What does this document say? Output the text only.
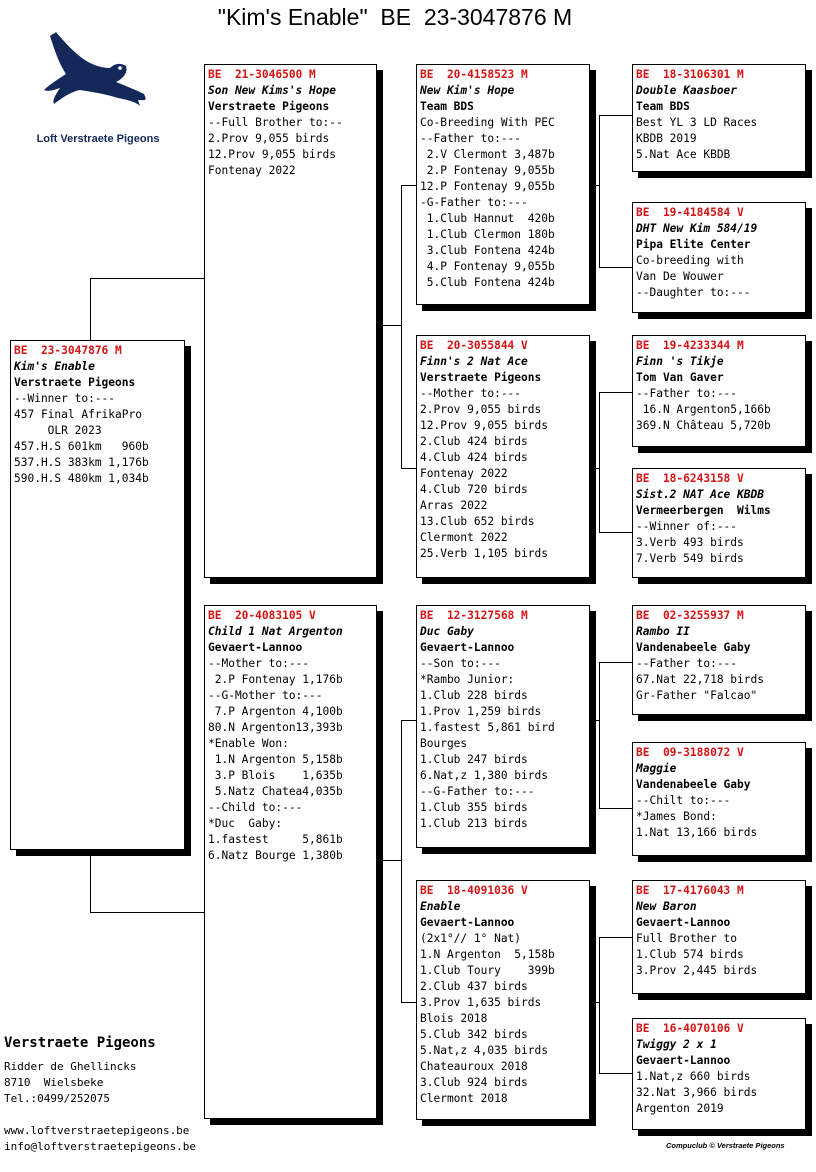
"Kim's Enable"  BE  23-3047876 M
Loft Verstraete Pigeons
BE  23-3047876 M
Kim's Enable
Verstraete Pigeons
--Winner to:---
457 Final AfrikaPro
OLR 2023
457.H.S 601km   960b
537.H.S 383km 1,176b
590.H.S 480km 1,034b
BE  21-3046500 M
Son New Kims's Hope
Verstraete Pigeons
--Full Brother to:--
2.Prov 9,055 birds
12.Prov 9,055 birds
Fontenay 2022
BE  20-4083105 V
Child 1 Nat Argenton
Gevaert-Lannoo
--Mother to:---
2.P Fontenay 1,176b
--G-Mother to:---
7.P Argenton 4,100b
80.N Argenton13,393b
*Enable Won:
1.N Argenton 5,158b
3.P Blois    1,635b
5.Natz Chatea4,035b
--Child to:---
*Duc  Gaby:
1.fastest     5,861b
6.Natz Bourge 1,380b
BE  20-4158523 M
New Kim's Hope
Team BDS
Co-Breeding With PEC
--Father to:---
2.V Clermont 3,487b
2.P Fontenay 9,055b
12.P Fontenay 9,055b
-G-Father to:---
1.Club Hannut  420b
1.Club Clermon 180b
3.Club Fontena 424b
4.P Fontenay 9,055b
5.Club Fontena 424b
BE  20-3055844 V
Finn's 2 Nat Ace
Verstraete Pigeons
--Mother to:---
2.Prov 9,055 birds
12.Prov 9,055 birds
2.Club 424 birds
4.Club 424 birds
Fontenay 2022
4.Club 720 birds
Arras 2022
13.Club 652 birds
Clermont 2022
25.Verb 1,105 birds
BE  12-3127568 M
Duc Gaby
Gevaert-Lannoo
--Son to:---
*Rambo Junior:
1.Club 228 birds
1.Prov 1,259 birds
1.fastest 5,861 bird
Bourges
1.Club 247 birds
6.Nat,z 1,380 birds
--G-Father to:---
1.Club 355 birds
1.Club 213 birds
BE  18-4091036 V
Enable
Gevaert-Lannoo
(2x1°// 1° Nat)
1.N Argenton  5,158b
1.Club Toury    399b
2.Club 437 birds
3.Prov 1,635 birds
Blois 2018
5.Club 342 birds
5.Nat,z 4,035 birds
Chateauroux 2018
3.Club 924 birds
Clermont 2018
BE  18-3106301 M
Double Kaasboer
Team BDS
Best YL 3 LD Races
KBDB 2019
5.Nat Ace KBDB
BE  19-4184584 V
DHT New Kim 584/19
Pipa Elite Center
Co-breeding with
Van De Wouwer
--Daughter to:---
BE  19-4233344 M
Finn 's Tikje
Tom Van Gaver
--Father to:---
16.N Argenton5,166b
369.N Château 5,720b
BE  18-6243158 V
Sist.2 NAT Ace KBDB
Vermeerbergen  Wilms
--Winner of:---
3.Verb 493 birds
7.Verb 549 birds
BE  02-3255937 M
Rambo II
Vandenabeele Gaby
--Father to:---
67.Nat 22,718 birds
Gr-Father "Falcao"
BE  09-3188072 V
Maggie
Vandenabeele Gaby
--Chilt to:---
*James Bond:
1.Nat 13,166 birds
BE  17-4176043 M
New Baron
Gevaert-Lannoo
Full Brother to
1.Club 574 birds
3.Prov 2,445 birds
BE  16-4070106 V
Twiggy 2 x 1
Gevaert-Lannoo
1.Nat,z 660 birds
32.Nat 3,966 birds
Argenton 2019
Verstraete Pigeons
Ridder de Ghellincks
8710  Wielsbeke
Tel.:0499/252075
www.loftverstraetepigeons.be
info@loftverstraetepigeons.be	Compuclub © Verstraete Pigeons
